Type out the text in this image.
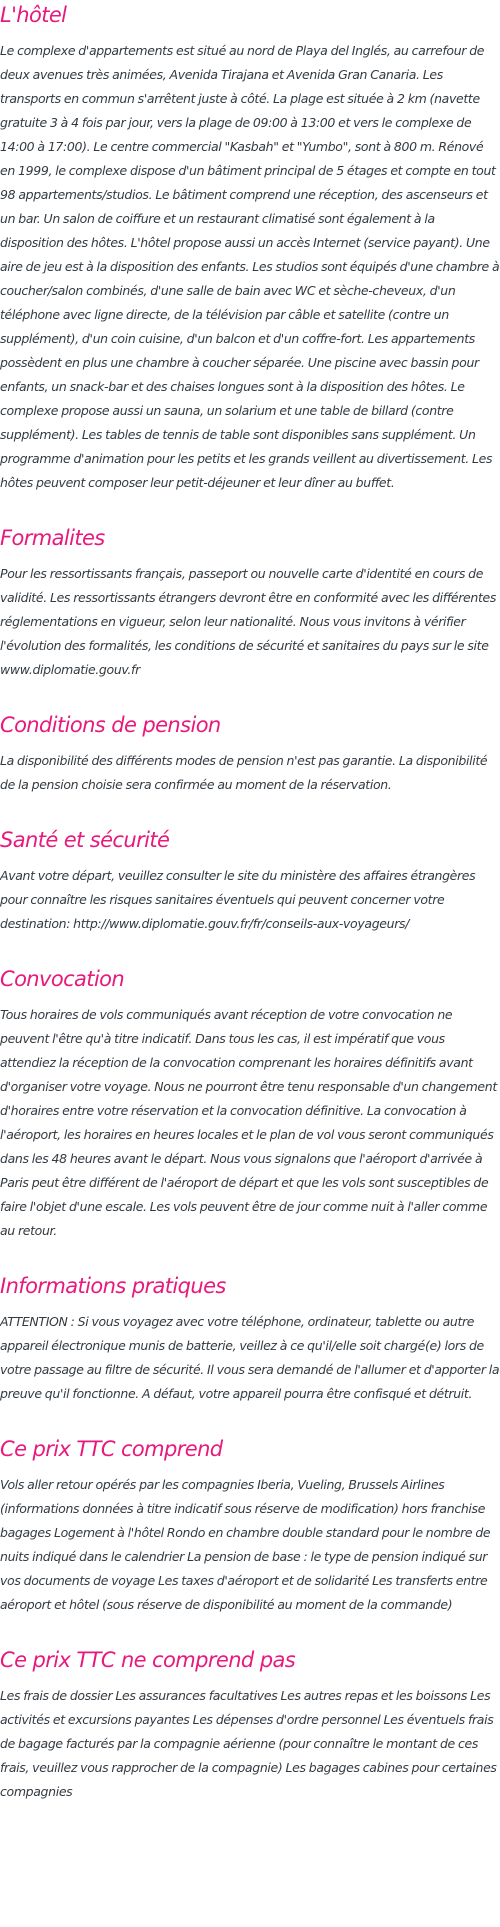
L'hôtel

Le complexe d'appartements est situé au nord de Playa del Inglés, au carrefour de deux avenues très animées, Avenida Tirajana et Avenida Gran Canaria. Les transports en commun s'arrêtent juste à côté. La plage est située à 2 km (navette gratuite 3 à 4 fois par jour, vers la plage de 09:00 à 13:00 et vers le complexe de 14:00 à 17:00). Le centre commercial "Kasbah" et "Yumbo", sont à 800 m. Rénové en 1999, le complexe dispose d'un bâtiment principal de 5 étages et compte en tout 98 appartements/studios. Le bâtiment comprend une réception, des ascenseurs et un bar. Un salon de coiffure et un restaurant climatisé sont également à la disposition des hôtes. L'hôtel propose aussi un accès Internet (service payant). Une aire de jeu est à la disposition des enfants. Les studios sont équipés d'une chambre à coucher/salon combinés, d'une salle de bain avec WC et sèche-cheveux, d'un téléphone avec ligne directe, de la télévision par câble et satellite (contre un supplément), d'un coin cuisine, d'un balcon et d'un coffre-fort. Les appartements possèdent en plus une chambre à coucher séparée. Une piscine avec bassin pour enfants, un snack-bar et des chaises longues sont à la disposition des hôtes. Le complexe propose aussi un sauna, un solarium et une table de billard (contre supplément). Les tables de tennis de table sont disponibles sans supplément. Un programme d'animation pour les petits et les grands veillent au divertissement. Les hôtes peuvent composer leur petit-déjeuner et leur dîner au buffet.

Formalites

Pour les ressortissants français, passeport ou nouvelle carte d'identité en cours de validité. Les ressortissants étrangers devront être en conformité avec les différentes réglementations en vigueur, selon leur nationalité. Nous vous invitons à vérifier l'évolution des formalités, les conditions de sécurité et sanitaires du pays sur le site www.diplomatie.gouv.fr

Conditions de pension

La disponibilité des différents modes de pension n'est pas garantie. La disponibilité de la pension choisie sera confirmée au moment de la réservation.

Santé et sécurité

Avant votre départ, veuillez consulter le site du ministère des affaires étrangères pour connaître les risques sanitaires éventuels qui peuvent concerner votre destination: http://www.diplomatie.gouv.fr/fr/conseils-aux-voyageurs/

Convocation

Tous horaires de vols communiqués avant réception de votre convocation ne peuvent l'être qu'à titre indicatif. Dans tous les cas, il est impératif que vous attendiez la réception de la convocation comprenant les horaires définitifs avant d'organiser votre voyage. Nous ne pourront être tenu responsable d'un changement d'horaires entre votre réservation et la convocation définitive. La convocation à l'aéroport, les horaires en heures locales et le plan de vol vous seront communiqués dans les 48 heures avant le départ. Nous vous signalons que l'aéroport d'arrivée à Paris peut être différent de l'aéroport de départ et que les vols sont susceptibles de faire l'objet d'une escale. Les vols peuvent être de jour comme nuit à l'aller comme au retour.

Informations pratiques

ATTENTION : Si vous voyagez avec votre téléphone, ordinateur, tablette ou autre appareil électronique munis de batterie, veillez à ce qu'il/elle soit chargé(e) lors de votre passage au filtre de sécurité. Il vous sera demandé de l'allumer et d'apporter la preuve qu'il fonctionne. A défaut, votre appareil pourra être confisqué et détruit.

Ce prix TTC comprend

Vols aller retour opérés par les compagnies Iberia, Vueling, Brussels Airlines (informations données à titre indicatif sous réserve de modification) hors franchise bagages Logement à l'hôtel Rondo en chambre double standard pour le nombre de nuits indiqué dans le calendrier La pension de base : le type de pension indiqué sur vos documents de voyage Les taxes d'aéroport et de solidarité Les transferts entre aéroport et hôtel (sous réserve de disponibilité au moment de la commande)

Ce prix TTC ne comprend pas

Les frais de dossier Les assurances facultatives Les autres repas et les boissons Les activités et excursions payantes Les dépenses d'ordre personnel Les éventuels frais de bagage facturés par la compagnie aérienne (pour connaître le montant de ces frais, veuillez vous rapprocher de la compagnie) Les bagages cabines pour certaines compagnies
